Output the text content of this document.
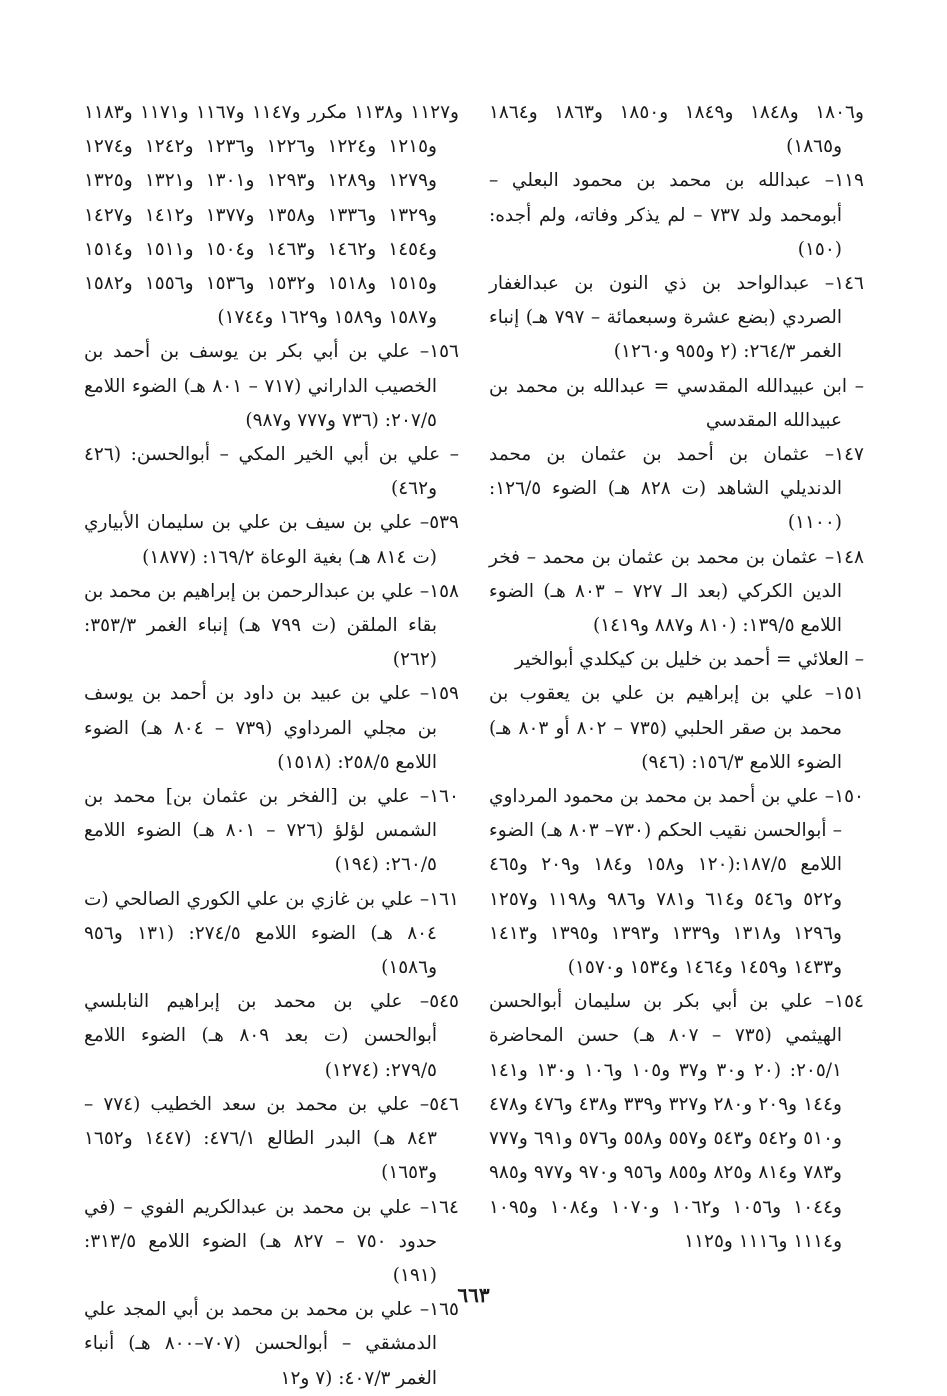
و١٨٠٦ و١٨٤٨ و١٨٤٩ و١٨٥٠ و١٨٦٣ و١٨٦٤ و١٨٦٥)

١١٩– عبدالله بن محمد بن محمود البعلي – أبومحمد ولد ٧٣٧ – لم يذكر وفاته، ولم أجده: (١٥٠)

١٤٦– عبدالواحد بن ذي النون بن عبدالغفار الصردي (بضع عشرة وسبعمائة – ٧٩٧ هـ) إنباء الغمر ٢٦٤/٣: (٢ و٩٥٥ و١٢٦٠)

– ابن عبيدالله المقدسي = عبدالله بن محمد بن عبيدالله المقدسي

١٤٧– عثمان بن أحمد بن عثمان بن محمد الدنديلي الشاهد (ت ٨٢٨ هـ) الضوء ١٢٦/٥: (١١٠٠)

١٤٨– عثمان بن محمد بن عثمان بن محمد – فخر الدين الكركي (بعد الـ ٧٢٧ – ٨٠٣ هـ) الضوء اللامع ١٣٩/٥: (٨١٠ و٨٨٧ و١٤١٩)

– العلائي = أحمد بن خليل بن كيكلدي أبوالخير

١٥١– علي بن إبراهيم بن علي بن يعقوب بن محمد بن صقر الحلبي (٧٣٥ – ٨٠٢ أو ٨٠٣ هـ) الضوء اللامع ١٥٦/٣: (٩٤٦)

١٥٠– علي بن أحمد بن محمد بن محمود المرداوي – أبوالحسن نقيب الحكم (٧٣٠– ٨٠٣ هـ) الضوء اللامع ١٨٧/٥:(١٢٠ و١٥٨ و١٨٤ و٢٠٩ و٤٦٥ و٥٢٢ و٥٤٦ و٦١٤ و٧٨١ و٩٨٦ و١١٩٨ و١٢٥٧ و١٢٩٦ و١٣١٨ و١٣٣٩ و١٣٩٣ و١٣٩٥ و١٤١٣ و١٤٣٣ و١٤٥٩ و١٤٦٤ و١٥٣٤ و١٥٧٠)

١٥٤– علي بن أبي بكر بن سليمان أبوالحسن الهيثمي (٧٣٥ – ٨٠٧ هـ) حسن المحاضرة ٢٠٥/١: (٢٠ و٣٠ و٣٧ و١٠٥ و١٠٦ و١٣٠ و١٤١ و١٤٤ و٢٠٩ و٢٨٠ و٣٢٧ و٣٣٩ و٤٣٨ و٤٧٦ و٤٧٨ و٥١٠ و٥٤٢ و٥٤٣ و٥٥٧ و٥٥٨ و٥٧٦ و٦٩١ و٧٧٧ و٧٨٣ و٨١٤ و٨٢٥ و٨٥٥ و٩٥٦ و٩٧٠ و٩٧٧ و٩٨٥ و١٠٤٤ و١٠٥٦ و١٠٦٢ و١٠٧٠ و١٠٨٤ و١٠٩٥ و١١١٤ و١١١٦ و١١٢٥

و١١٢٧ و١١٣٨ مكرر و١١٤٧ و١١٦٧ و١١٧١ و١١٨٣ و١٢١٥ و١٢٢٤ و١٢٢٦ و١٢٣٦ و١٢٤٢ و١٢٧٤ و١٢٧٩ و١٢٨٩ و١٢٩٣ و١٣٠١ و١٣٢١ و١٣٢٥ و١٣٢٩ و١٣٣٦ و١٣٥٨ و١٣٧٧ و١٤١٢ و١٤٢٧ و١٤٥٤ و١٤٦٢ و١٤٦٣ و١٥٠٤ و١٥١١ و١٥١٤ و١٥١٥ و١٥١٨ و١٥٣٢ و١٥٣٦ و١٥٥٦ و١٥٨٢ و١٥٨٧ و١٥٨٩ و١٦٢٩ و١٧٤٤)

١٥٦– علي بن أبي بكر بن يوسف بن أحمد بن الخصيب الداراني (٧١٧ – ٨٠١ هـ) الضوء اللامع ٢٠٧/٥: (٧٣٦ و٧٧٧ و٩٨٧)

– علي بن أبي الخير المكي – أبوالحسن: (٤٢٦ و٤٦٢)

٥٣٩– علي بن سيف بن علي بن سليمان الأبياري (ت ٨١٤ هـ) بغية الوعاة ١٦٩/٢: (١٨٧٧)

١٥٨– علي بن عبدالرحمن بن إبراهيم بن محمد بن بقاء الملقن (ت ٧٩٩ هـ) إنباء الغمر ٣٥٣/٣: (٢٦٢)

١٥٩– علي بن عبيد بن داود بن أحمد بن يوسف بن مجلي المرداوي (٧٣٩ – ٨٠٤ هـ) الضوء اللامع ٢٥٨/٥: (١٥١٨)

١٦٠– علي بن [الفخر بن عثمان بن] محمد بن الشمس لؤلؤ (٧٢٦ – ٨٠١ هـ) الضوء اللامع ٢٦٠/٥: (١٩٤)

١٦١– علي بن غازي بن علي الكوري الصالحي (ت ٨٠٤ هـ) الضوء اللامع ٢٧٤/٥: (١٣١ و٩٥٦ و١٥٨٦)

٥٤٥– علي بن محمد بن إبراهيم النابلسي أبوالحسن (ت بعد ٨٠٩ هـ) الضوء اللامع ٢٧٩/٥: (١٢٧٤)

٥٤٦– علي بن محمد بن سعد الخطيب (٧٧٤ – ٨٤٣ هـ) البدر الطالع ٤٧٦/١: (١٤٤٧ و١٦٥٢ و١٦٥٣)

١٦٤– علي بن محمد بن عبدالكريم الفوي – (في حدود ٧٥٠ – ٨٢٧ هـ) الضوء اللامع ٣١٣/٥: (١٩١)

١٦٥– علي بن محمد بن محمد بن أبي المجد علي الدمشقي – أبوالحسن (٧٠٧–٨٠٠ هـ) أنباء الغمر ٤٠٧/٣: (٧ و١٢

٦٦٣
